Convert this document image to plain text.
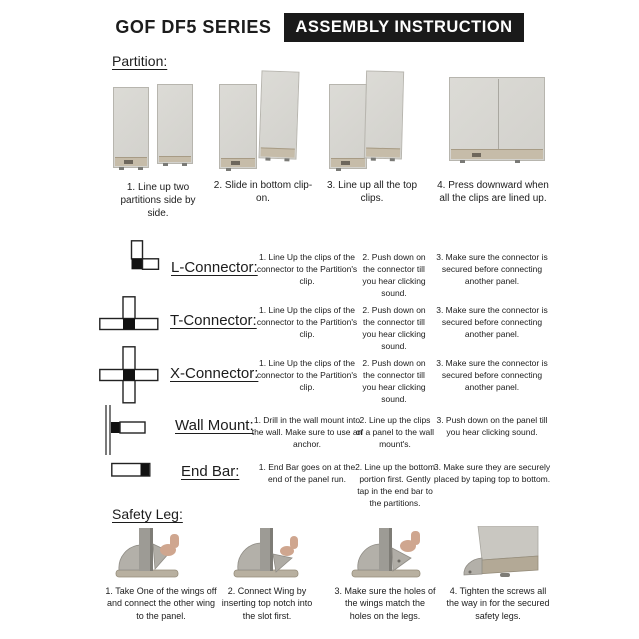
GOF DF5 SERIES	ASSEMBLY INSTRUCTION
Partition:
1. Line up two partitions side by side.
2. Slide in bottom clip-on.
3. Line up all the top clips.
4. Press downward when all the clips are lined up.
L-Connector:
1. Line Up the clips of the connector to the Partition's clip.
2. Push down on the connector till you hear clicking sound.
3. Make sure the connector is secured before connecting another panel.
T-Connector:
1. Line Up the clips of the connector to the Partition's clip.
2. Push down on the connector till you hear clicking sound.
3. Make sure the connector is secured before connecting another panel.
X-Connector:
1. Line Up the clips of the connector to the Partition's clip.
2. Push down on the connector till you hear clicking sound.
3. Make sure the connector is secured before connecting another panel.
Wall Mount: 1. Drill in the wall mount into the wall. Make sure to use an anchor.
2. Line up the clips of a panel to the wall mount's.
3. Push down on the panel till you hear clicking sound.
End Bar:	1. End Bar goes on at the end of the panel run.
2. Line up the bottom portion first. Gently tap in the end bar to the partitions.
3. Make sure they are securely placed by taping top to bottom.
Safety Leg:
1. Take One of the wings off and connect the other wing to the panel.
2. Connect Wing by inserting top notch into the slot first.
3. Make sure the holes of the wings match the holes on the legs.
4. Tighten the screws all the way in for the secured safety legs.
